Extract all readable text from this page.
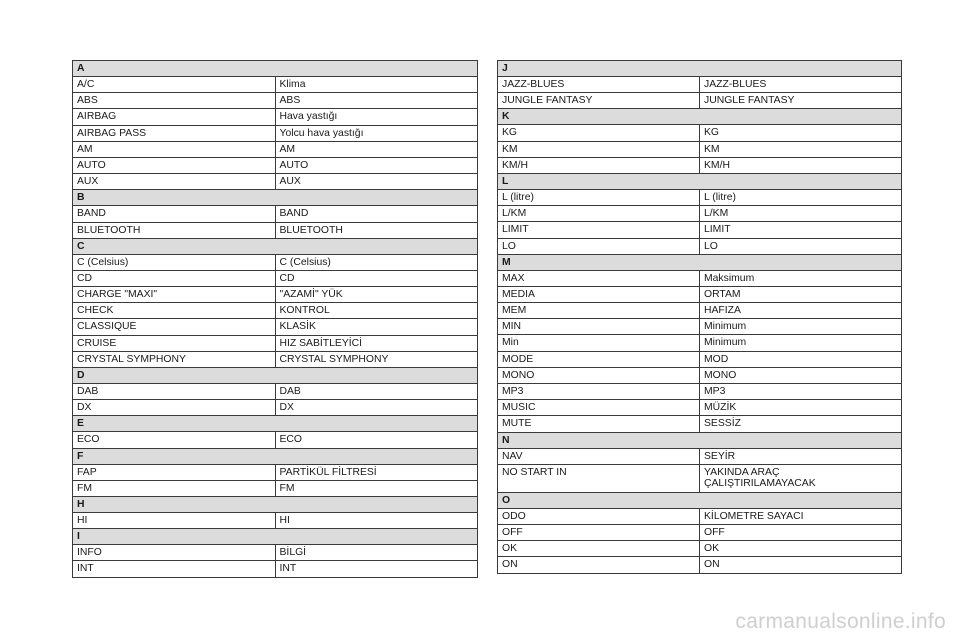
A	
A/C	Klima
ABS	ABS
AIRBAG	Hava yastığı
AIRBAG PASS	Yolcu hava yastığı
AM	AM
AUTO	AUTO
AUX	AUX
B	
BAND	BAND
BLUETOOTH	BLUETOOTH
C	
C (Celsius)	C (Celsius)
CD	CD
CHARGE "MAXI"	"AZAMİ" YÜK
CHECK	KONTROL
CLASSIQUE	KLASİK
CRUISE	HIZ SABİTLEYİCİ
CRYSTAL SYMPHONY	CRYSTAL SYMPHONY
D	
DAB	DAB
DX	DX
E	
ECO	ECO
F	
FAP	PARTİKÜL FİLTRESİ
FM	FM
H	
HI	HI
I	
INFO	BİLGİ
INT	INT
J	
JAZZ-BLUES	JAZZ-BLUES
JUNGLE FANTASY	JUNGLE FANTASY
K	
KG	KG
KM	KM
KM/H	KM/H
L	
L (litre)	L (litre)
L/KM	L/KM
LIMIT	LIMIT
LO	LO
M	
MAX	Maksimum
MEDIA	ORTAM
MEM	HAFIZA
MIN	Minimum
Min	Minimum
MODE	MOD
MONO	MONO
MP3	MP3
MUSIC	MÜZİK
MUTE	SESSİZ
N	
NAV	SEYİR
NO START IN	YAKINDA ARAÇ
ÇALIŞTIRILAMAYACAK
O	
ODO	KİLOMETRE SAYACI
OFF	OFF
OK	OK
ON	ON
carmanualsonline.info
